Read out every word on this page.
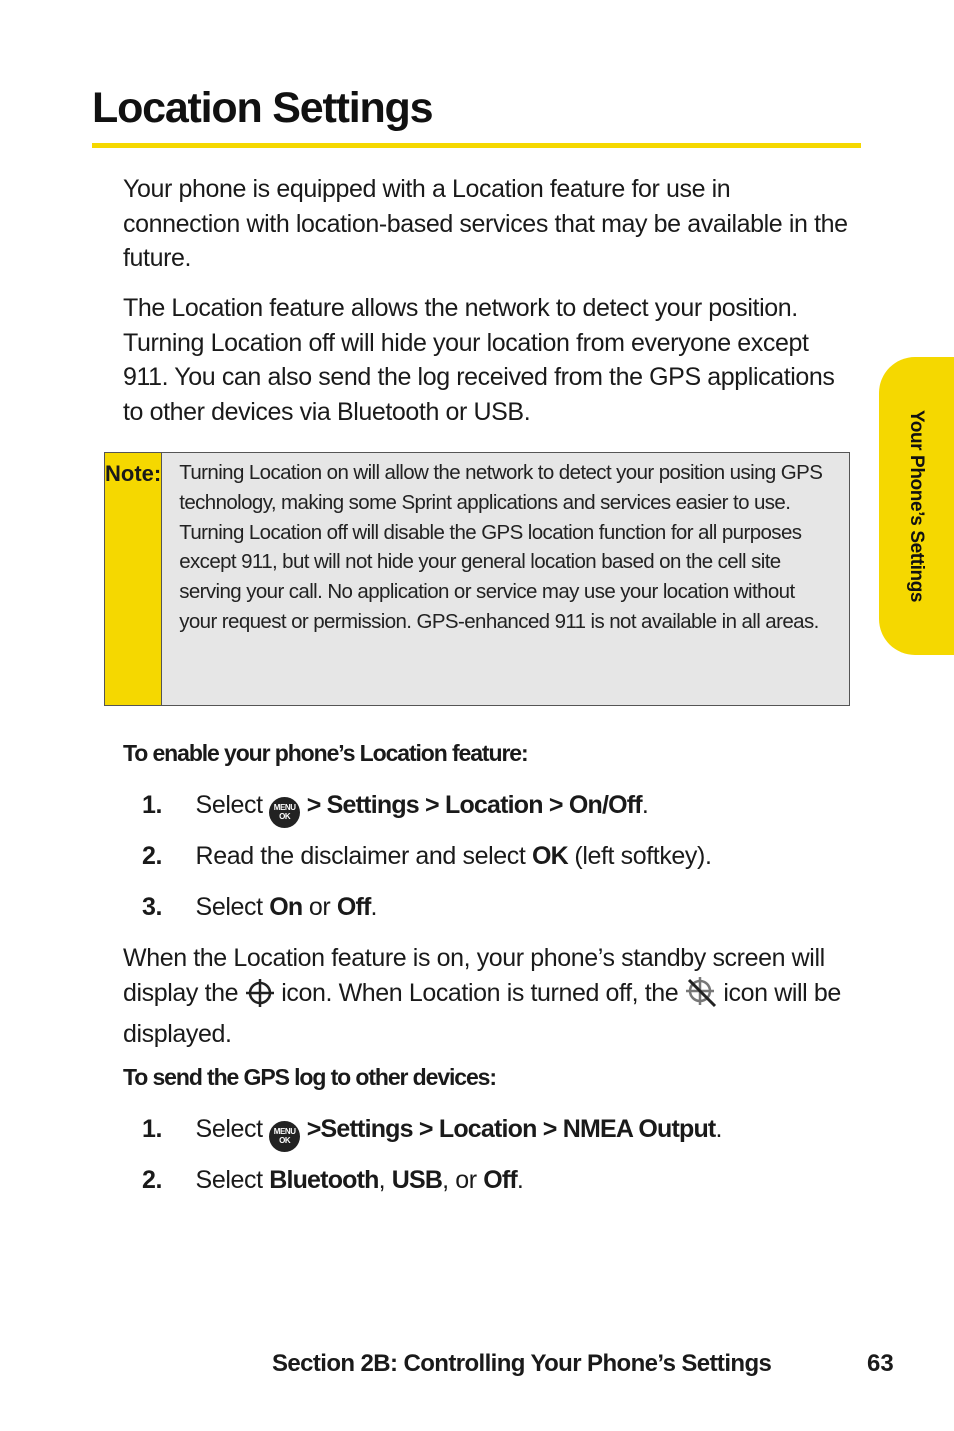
Location Settings
Your phone is equipped with a Location feature for use in connection with location-based services that may be available in the future.
The Location feature allows the network to detect your position. Turning Location off will hide your location from everyone except 911. You can also send the log received from the GPS applications to other devices via Bluetooth or USB.
Note: Turning Location on will allow the network to detect your position using GPS technology, making some Sprint applications and services easier to use. Turning Location off will disable the GPS location function for all purposes except 911, but will not hide your general location based on the cell site serving your call. No application or service may use your location without your request or permission. GPS-enhanced 911 is not available in all areas.
To enable your phone’s Location feature:
1. Select MENU
OK > Settings > Location > On/Off.
2. Read the disclaimer and select OK (left softkey).
3. Select On or Off.
When the Location feature is on, your phone’s standby screen will display the icon. When Location is turned off, the icon will be displayed.
To send the GPS log to other devices:
1. Select MENU
OK >Settings > Location > NMEA Output.
2. Select Bluetooth, USB, or Off.
Your Phone’s Settings
Section 2B: Controlling Your Phone’s Settings	63
